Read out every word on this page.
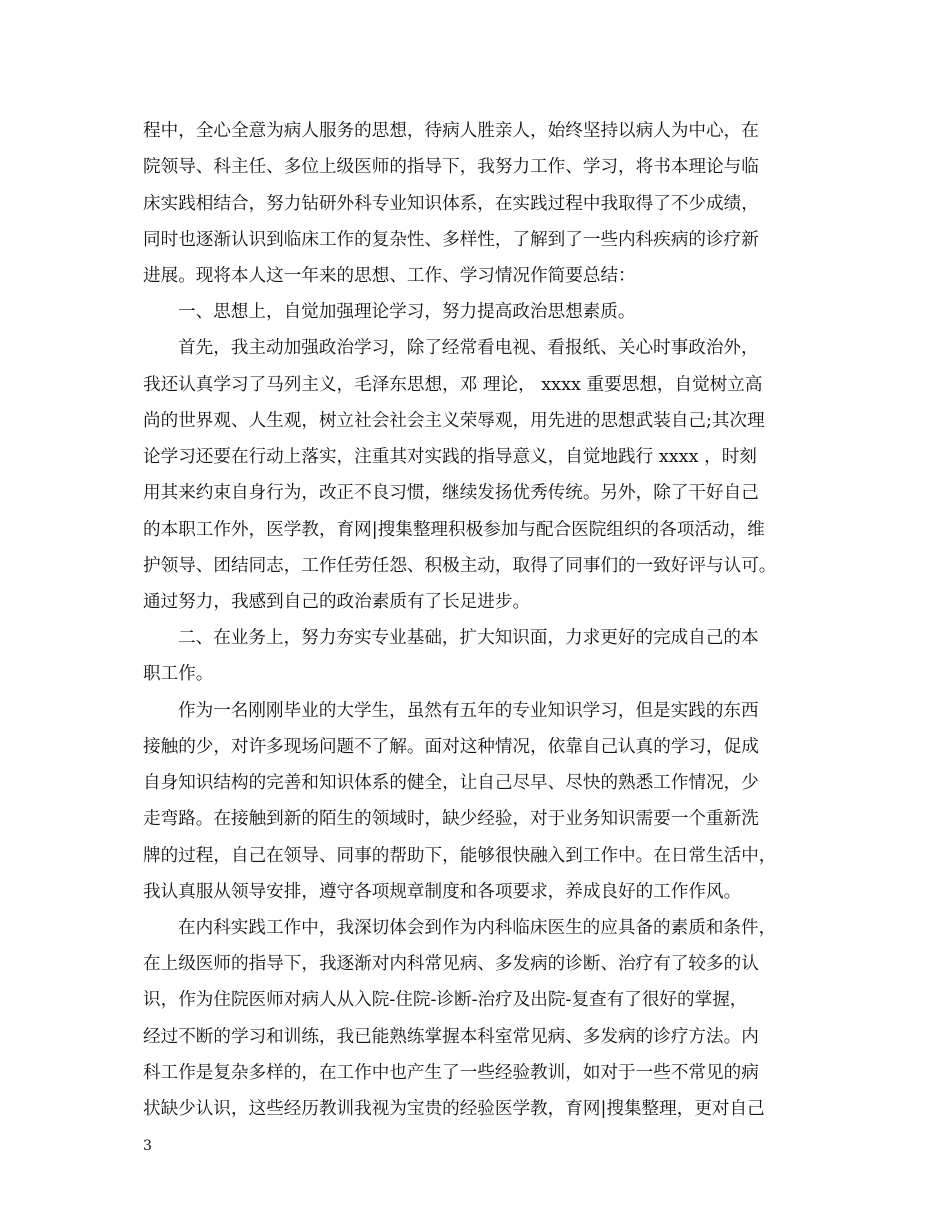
程中，全心全意为病人服务的思想，待病人胜亲人，始终坚持以病人为中心，在
院领导、科主任、多位上级医师的指导下，我努力工作、学习，将书本理论与临
床实践相结合，努力钻研外科专业知识体系，在实践过程中我取得了不少成绩，
同时也逐渐认识到临床工作的复杂性、多样性，了解到了一些内科疾病的诊疗新
进展。现将本人这一年来的思想、工作、学习情况作简要总结：
一、思想上，自觉加强理论学习，努力提高政治思想素质。
首先，我主动加强政治学习，除了经常看电视、看报纸、关心时事政治外，
我还认真学习了马列主义，毛泽东思想，邓 理论， xxxx 重要思想，自觉树立高
尚的世界观、人生观，树立社会社会主义荣辱观，用先进的思想武装自己;其次理
论学习还要在行动上落实，注重其对实践的指导意义，自觉地践行 xxxx ，时刻
用其来约束自身行为，改正不良习惯，继续发扬优秀传统。另外，除了干好自己
的本职工作外，医学教，育网|搜集整理积极参加与配合医院组织的各项活动，维
护领导、团结同志，工作任劳任怨、积极主动，取得了同事们的一致好评与认可。
通过努力，我感到自己的政治素质有了长足进步。
二、在业务上，努力夯实专业基础，扩大知识面，力求更好的完成自己的本
职工作。
作为一名刚刚毕业的大学生，虽然有五年的专业知识学习，但是实践的东西
接触的少，对许多现场问题不了解。面对这种情况，依靠自己认真的学习，促成
自身知识结构的完善和知识体系的健全，让自己尽早、尽快的熟悉工作情况，少
走弯路。在接触到新的陌生的领域时，缺少经验，对于业务知识需要一个重新洗
牌的过程，自己在领导、同事的帮助下，能够很快融入到工作中。在日常生活中，
我认真服从领导安排，遵守各项规章制度和各项要求，养成良好的工作作风。
在内科实践工作中，我深切体会到作为内科临床医生的应具备的素质和条件，
在上级医师的指导下，我逐渐对内科常见病、多发病的诊断、治疗有了较多的认
识，作为住院医师对病人从入院-住院-诊断-治疗及出院-复查有了很好的掌握，
经过不断的学习和训练，我已能熟练掌握本科室常见病、多发病的诊疗方法。内
科工作是复杂多样的，在工作中也产生了一些经验教训，如对于一些不常见的病
状缺少认识，这些经历教训我视为宝贵的经验医学教，育网|搜集整理，更对自己
3
